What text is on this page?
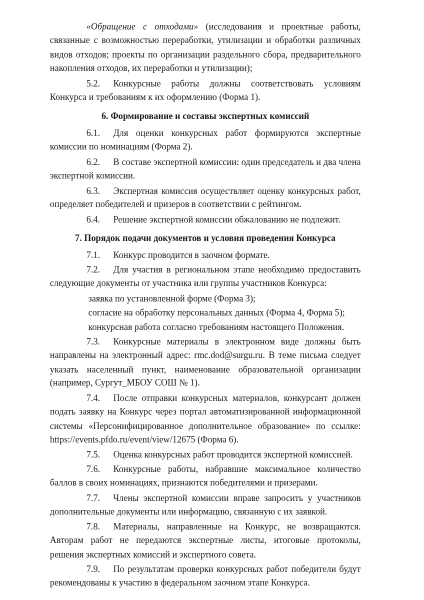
«Обращение с отходами» (исследования и проектные работы, связанные с возможностью переработки, утилизации и обработки различных видов отходов; проекты по организации раздельного сбора, предварительного накопления отходов, их переработки и утилизации);

5.2. Конкурсные работы должны соответствовать условиям Конкурса и требованиям к их оформлению (Форма 1).

6. Формирование и составы экспертных комиссий

6.1. Для оценки конкурсных работ формируются экспертные комиссии по номинациям (Форма 2).

6.2. В составе экспертной комиссии: один председатель и два члена экспертной комиссии.

6.3. Экспертная комиссия осуществляет оценку конкурсных работ, определяет победителей и призеров в соответствии с рейтингом.

6.4. Решение экспертной комиссии обжалованию не подлежит.

7. Порядок подачи документов и условия проведения Конкурса

7.1. Конкурс проводится в заочном формате.

7.2. Для участия в региональном этапе необходимо предоставить следующие документы от участника или группы участников Конкурса:

заявка по установленной форме (Форма 3);

согласие на обработку персональных данных (Форма 4, Форма 5);

конкурсная работа согласно требованиям настоящего Положения.

7.3. Конкурсные материалы в электронном виде должны быть направлены на электронный адрес: rmc.dod@surgu.ru. В теме письма следует указать населенный пункт, наименование образовательной организации (например, Сургут_МБОУ СОШ № 1).

7.4. После отправки конкурсных материалов, конкурсант должен подать заявку на Конкурс через портал автоматизированной информационной системы «Персонифицированное дополнительное образование» по ссылке: https://events.pfdo.ru/event/view/12675 (Форма 6).

7.5. Оценка конкурсных работ проводится экспертной комиссией.

7.6. Конкурсные работы, набравшие максимальное количество баллов в своих номинациях, признаются победителями и призерами.

7.7. Члены экспертной комиссии вправе запросить у участников дополнительные документы или информацию, связанную с их заявкой.

7.8. Материалы, направленные на Конкурс, не возвращаются. Авторам работ не передаются экспертные листы, итоговые протоколы, решения экспертных комиссий и экспертного совета.

7.9. По результатам проверки конкурсных работ победители будут рекомендованы к участию в федеральном заочном этапе Конкурса.
